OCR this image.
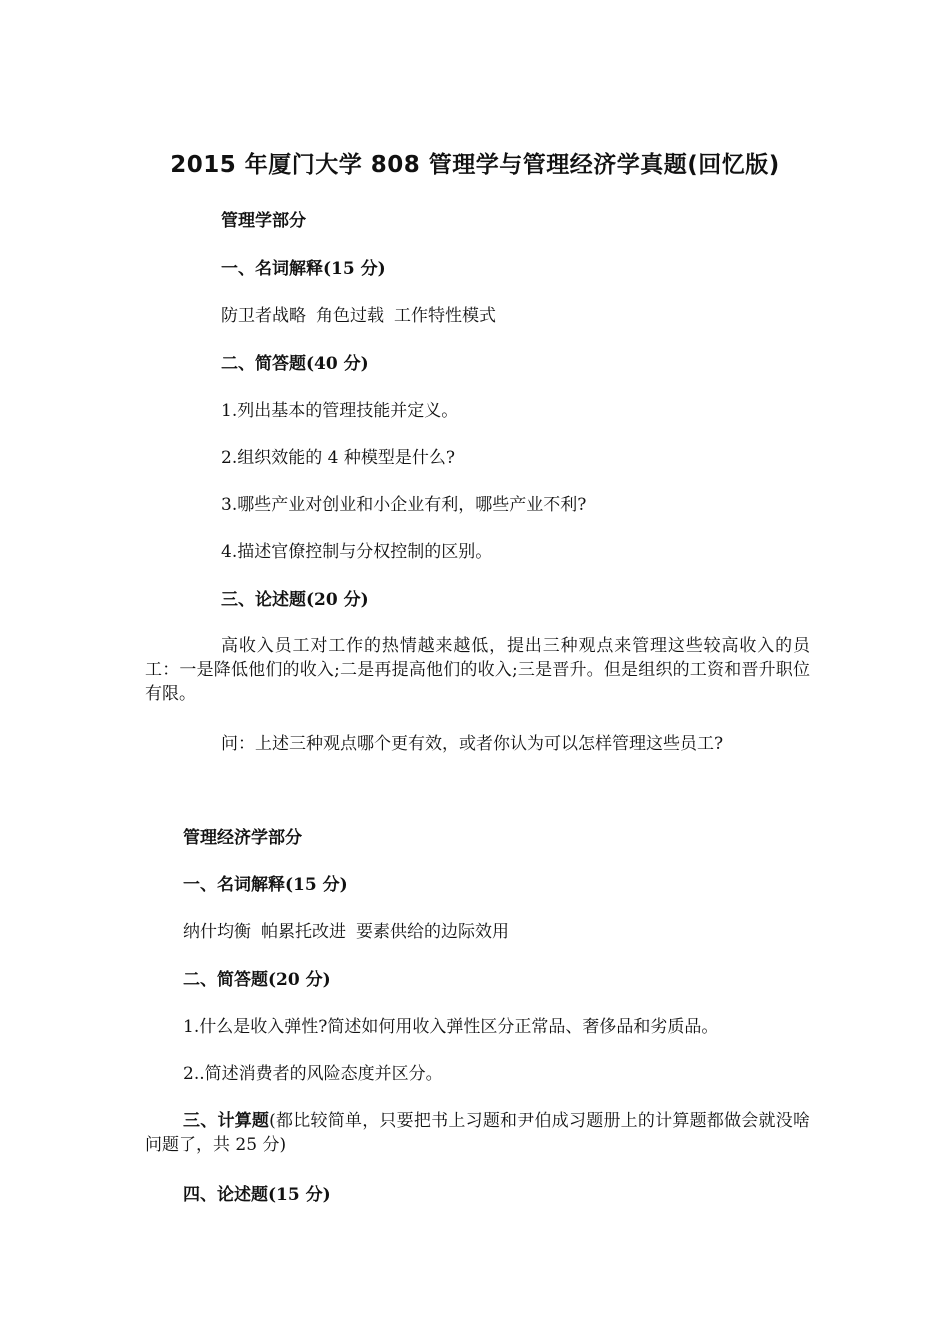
2015 年厦门大学 808 管理学与管理经济学真题(回忆版)

管理学部分

一、名词解释(15 分)

防卫者战略 角色过载 工作特性模式

二、简答题(40 分)

1.列出基本的管理技能并定义。

2.组织效能的 4 种模型是什么?

3.哪些产业对创业和小企业有利，哪些产业不利?

4.描述官僚控制与分权控制的区别。

三、论述题(20 分)

高收入员工对工作的热情越来越低，提出三种观点来管理这些较高收入的员工：一是降低他们的收入;二是再提高他们的收入;三是晋升。但是组织的工资和晋升职位有限。

问：上述三种观点哪个更有效，或者你认为可以怎样管理这些员工?

管理经济学部分

一、名词解释(15 分)

纳什均衡 帕累托改进 要素供给的边际效用

二、简答题(20 分)

1.什么是收入弹性?简述如何用收入弹性区分正常品、奢侈品和劣质品。

2..简述消费者的风险态度并区分。

三、计算题(都比较简单，只要把书上习题和尹伯成习题册上的计算题都做会就没啥问题了，共 25 分)

四、论述题(15 分)
